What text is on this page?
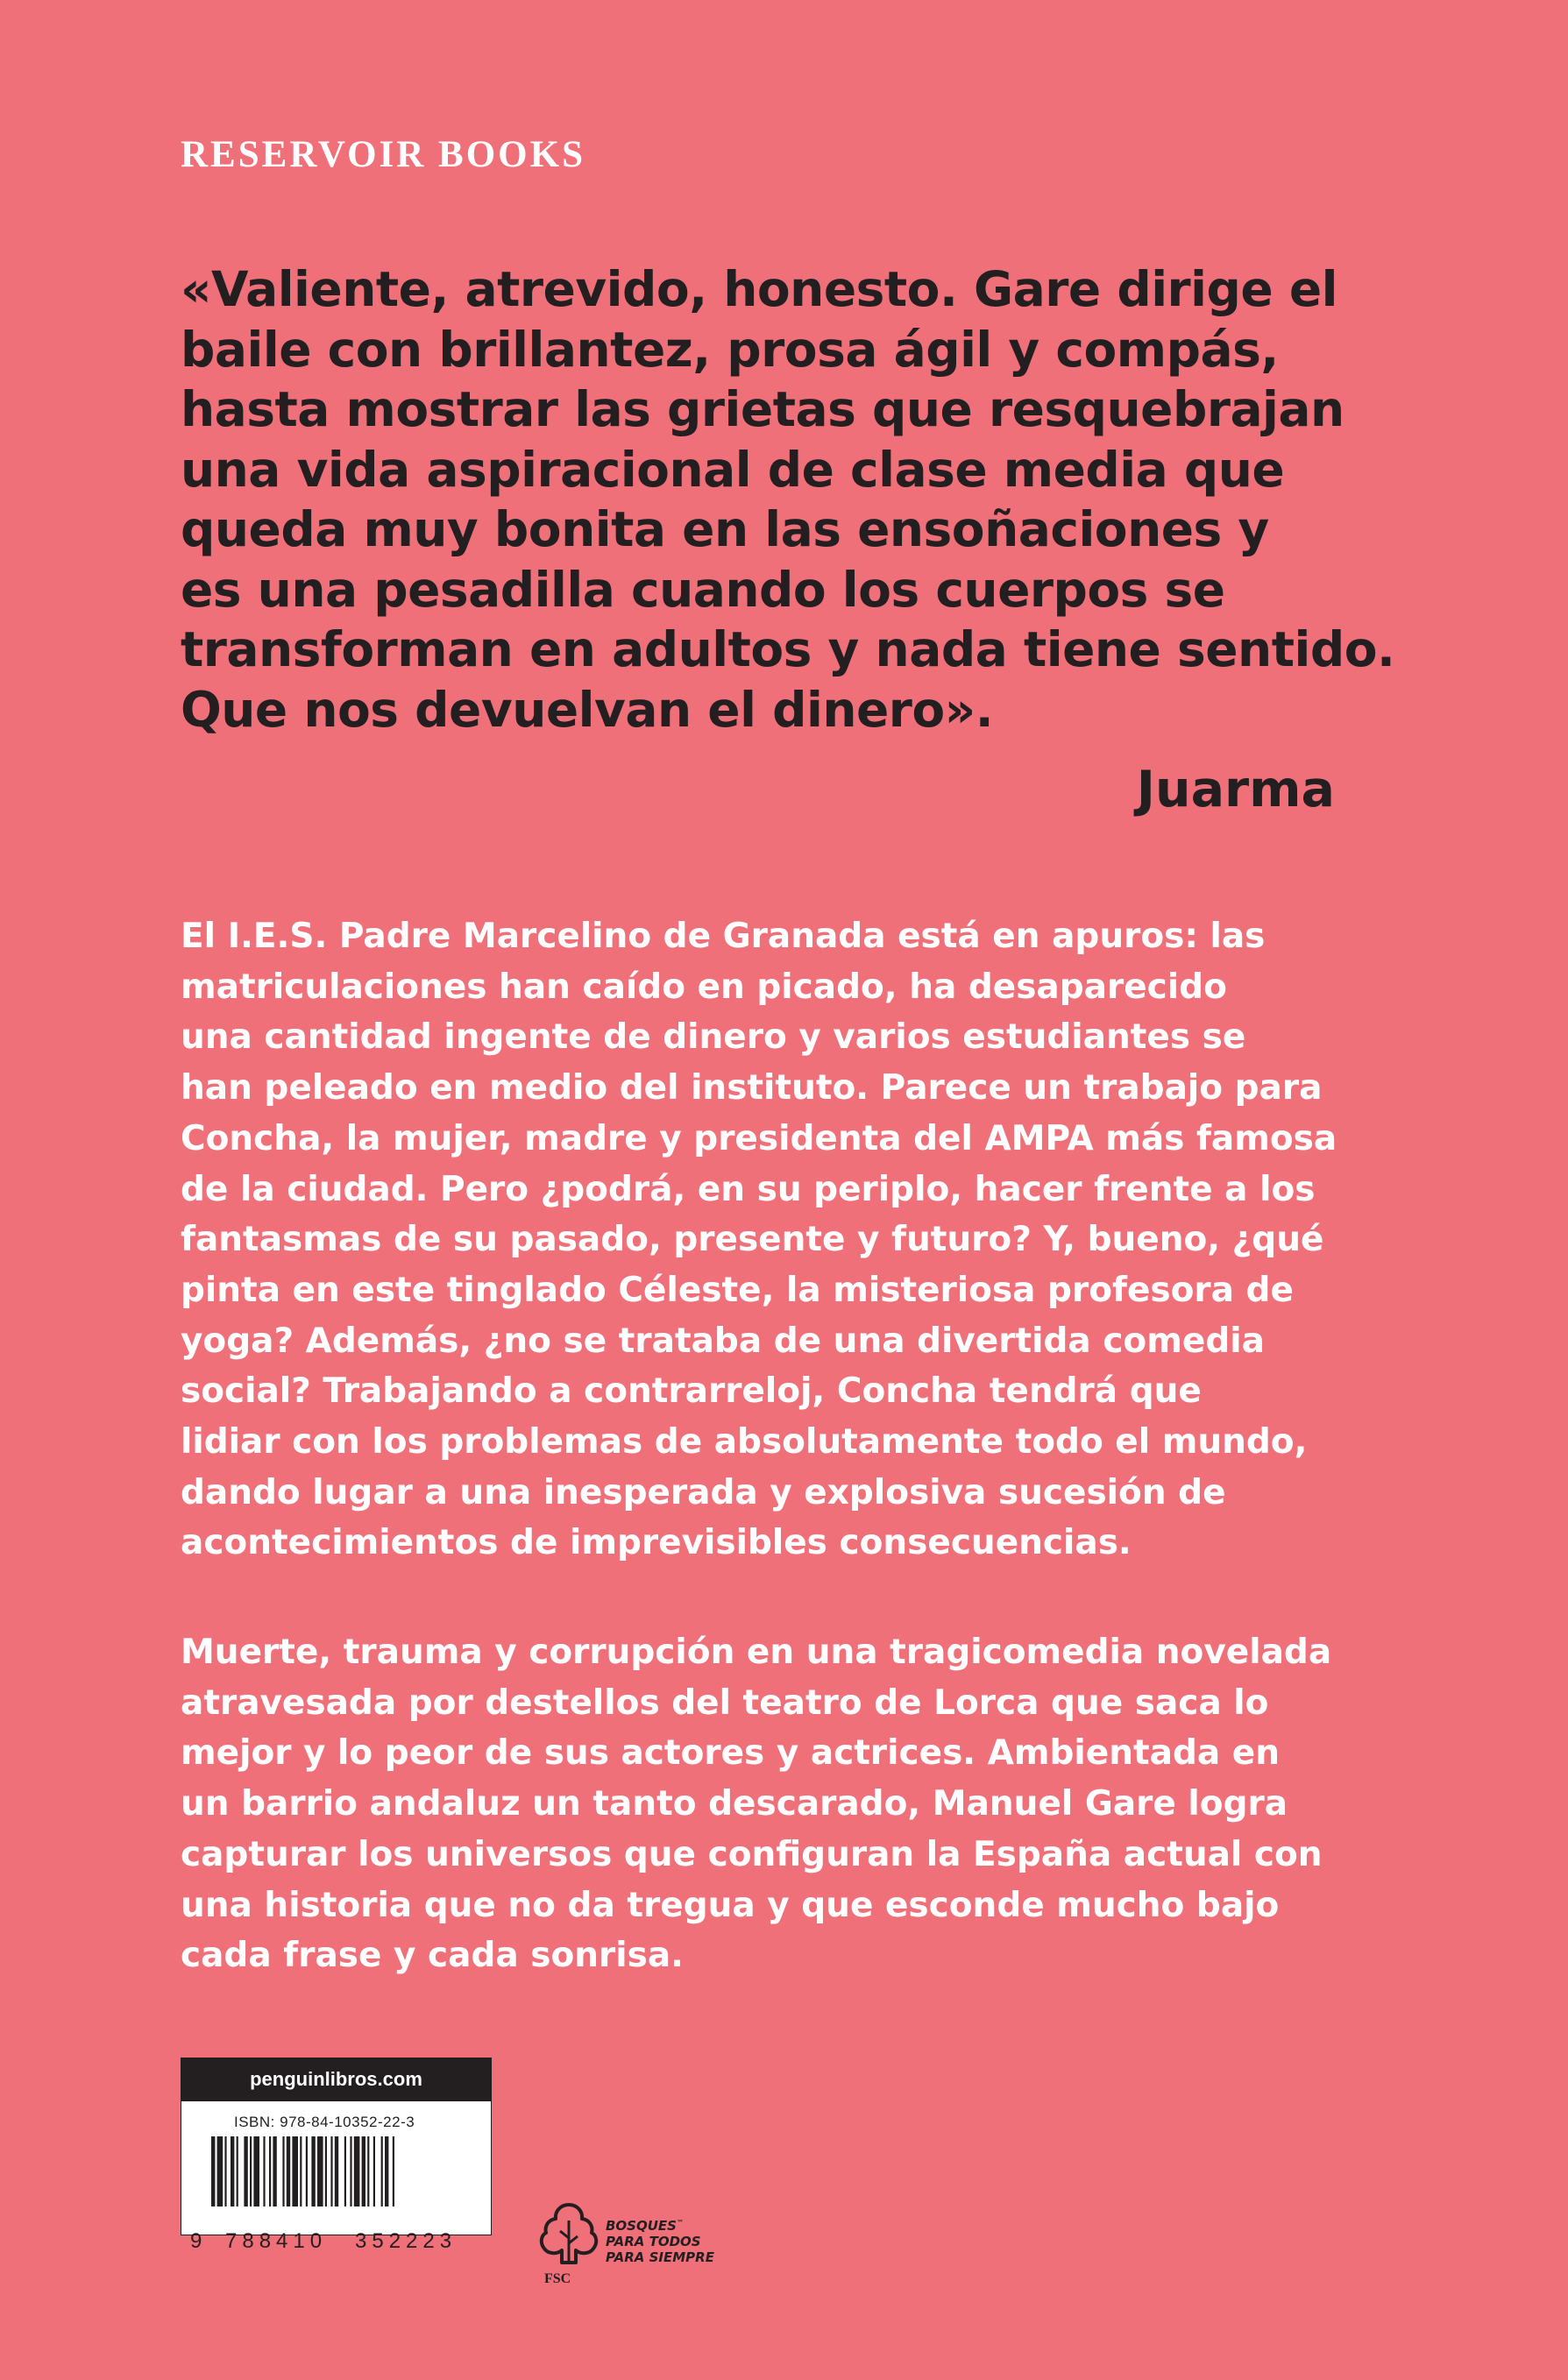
RESERVOIR BOOKS
«Valiente, atrevido, honesto. Gare dirige el
baile con brillantez, prosa ágil y compás,
hasta mostrar las grietas que resquebrajan
una vida aspiracional de clase media que
queda muy bonita en las ensoñaciones y
es una pesadilla cuando los cuerpos se
transforman en adultos y nada tiene sentido.
Que nos devuelvan el dinero».
Juarma
El I.E.S. Padre Marcelino de Granada está en apuros: las
matriculaciones han caído en picado, ha desaparecido
una cantidad ingente de dinero y varios estudiantes se
han peleado en medio del instituto. Parece un trabajo para
Concha, la mujer, madre y presidenta del AMPA más famosa
de la ciudad. Pero ¿podrá, en su periplo, hacer frente a los
fantasmas de su pasado, presente y futuro? Y, bueno, ¿qué
pinta en este tinglado Céleste, la misteriosa profesora de
yoga? Además, ¿no se trataba de una divertida comedia
social? Trabajando a contrarreloj, Concha tendrá que
lidiar con los problemas de absolutamente todo el mundo,
dando lugar a una inesperada y explosiva sucesión de
acontecimientos de imprevisibles consecuencias.
Muerte, trauma y corrupción en una tragicomedia novelada
atravesada por destellos del teatro de Lorca que saca lo
mejor y lo peor de sus actores y actrices. Ambientada en
un barrio andaluz un tanto descarado, Manuel Gare logra
capturar los universos que configuran la España actual con
una historia que no da tregua y que esconde mucho bajo
cada frase y cada sonrisa.
penguinlibros.com
ISBN: 978-84-10352-22-3
9 788410 352223
FSC
BOSQUES™
PARA TODOS
PARA SIEMPRE
